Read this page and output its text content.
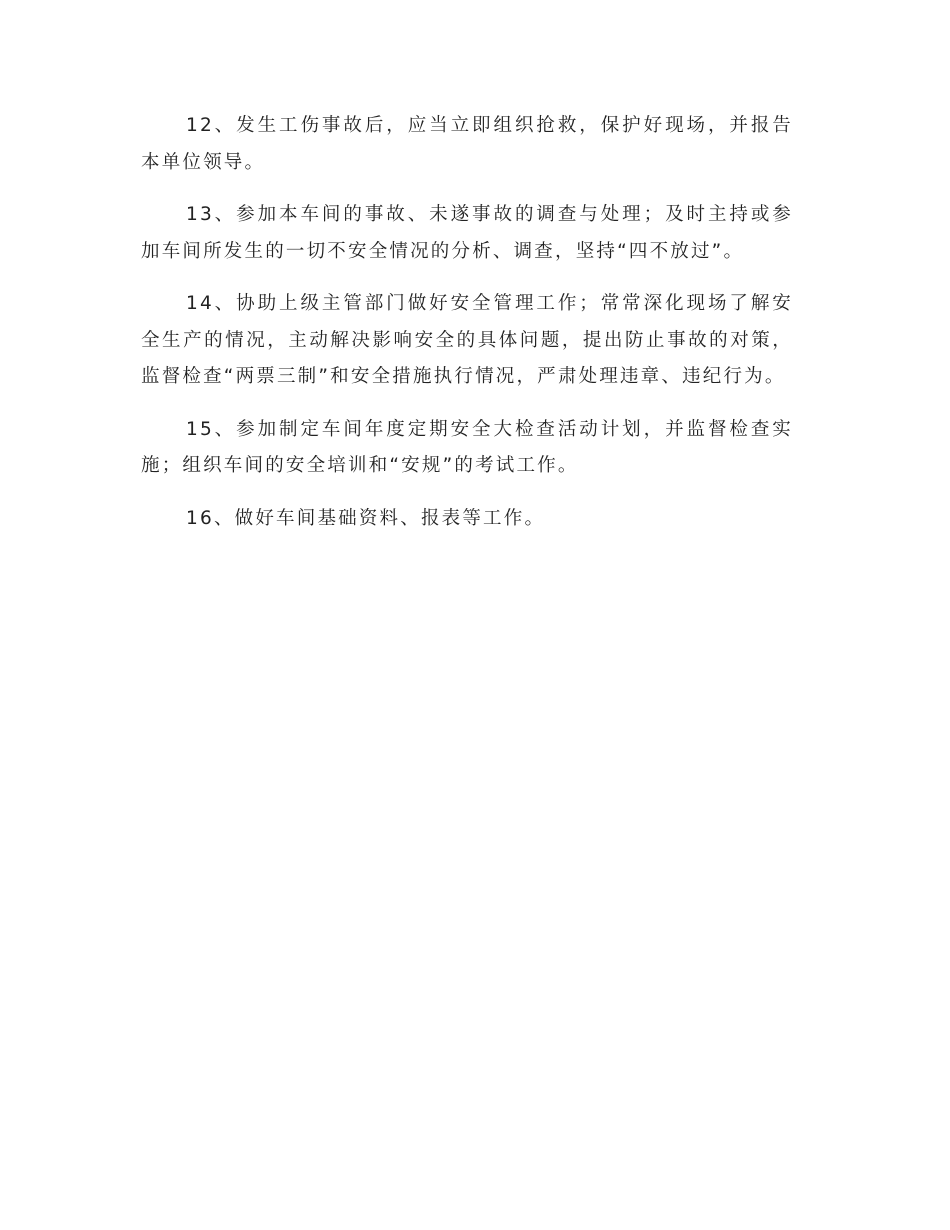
12、发生工伤事故后，应当立即组织抢救，保护好现场，并报告本单位领导。

13、参加本车间的事故、未遂事故的调查与处理；及时主持或参加车间所发生的一切不安全情况的分析、调查，坚持“四不放过”。

14、协助上级主管部门做好安全管理工作；常常深化现场了解安全生产的情况，主动解决影响安全的具体问题，提出防止事故的对策，监督检查“两票三制”和安全措施执行情况，严肃处理违章、违纪行为。

15、参加制定车间年度定期安全大检查活动计划，并监督检查实施；组织车间的安全培训和“安规”的考试工作。

16、做好车间基础资料、报表等工作。
